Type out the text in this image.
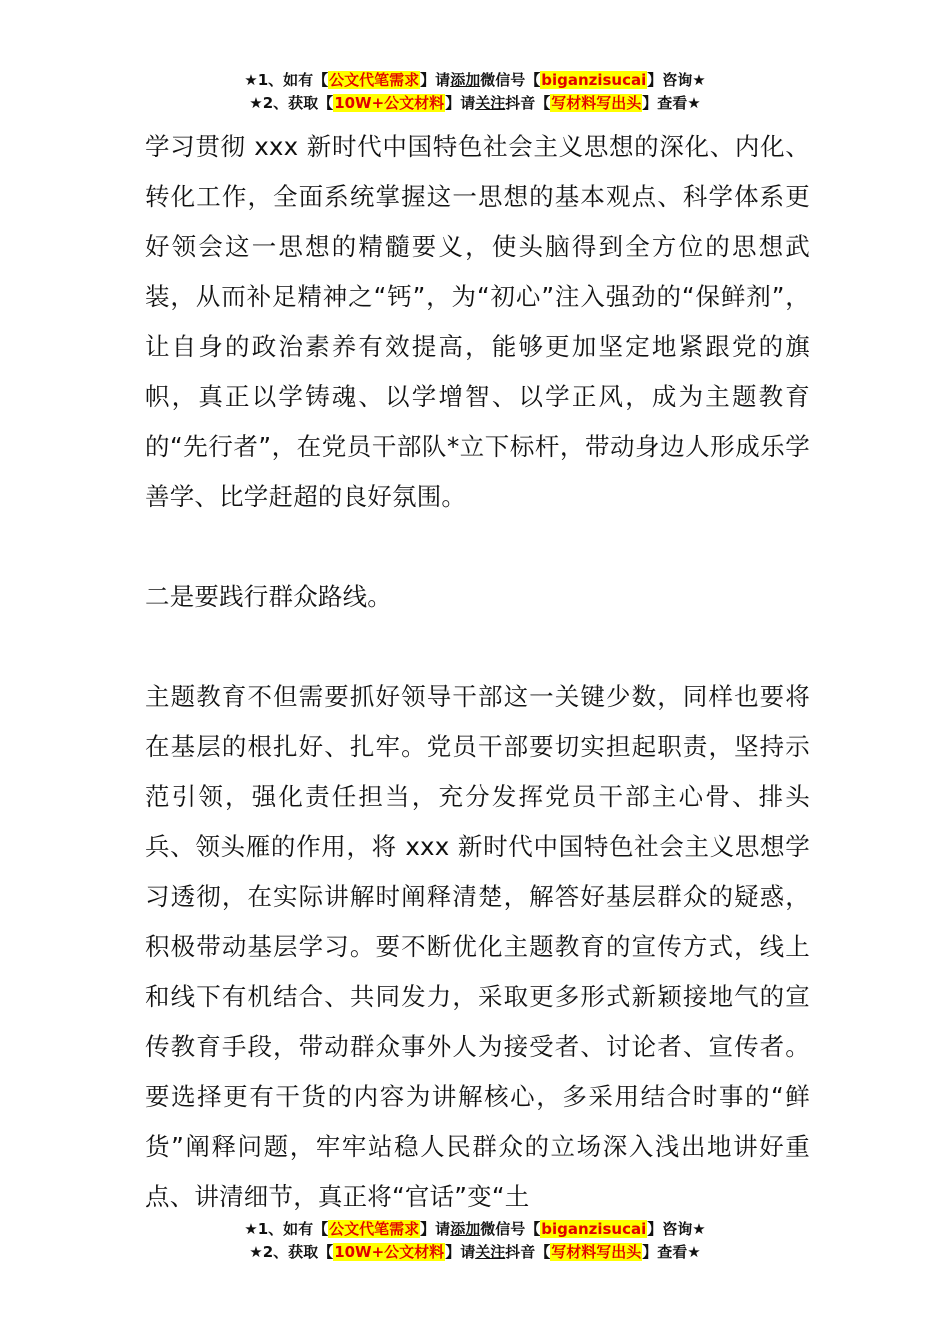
★1、如有【公文代笔需求】请添加微信号【biganzisucai】咨询★
★2、获取【10W+公文材料】请关注抖音【写材料写出头】查看★

学习贯彻 xxx 新时代中国特色社会主义思想的深化、内化、转化工作，全面系统掌握这一思想的基本观点、科学体系更好领会这一思想的精髓要义，使头脑得到全方位的思想武装，从而补足精神之“钙”，为“初心”注入强劲的“保鲜剂”，让自身的政治素养有效提高，能够更加坚定地紧跟党的旗帜，真正以学铸魂、以学增智、以学正风，成为主题教育的“先行者”，在党员干部队*立下标杆，带动身边人形成乐学善学、比学赶超的良好氛围。

二是要践行群众路线。

主题教育不但需要抓好领导干部这一关键少数，同样也要将在基层的根扎好、扎牢。党员干部要切实担起职责，坚持示范引领，强化责任担当，充分发挥党员干部主心骨、排头兵、领头雁的作用，将 xxx 新时代中国特色社会主义思想学习透彻，在实际讲解时阐释清楚，解答好基层群众的疑惑，积极带动基层学习。要不断优化主题教育的宣传方式，线上和线下有机结合、共同发力，采取更多形式新颖接地气的宣传教育手段，带动群众事外人为接受者、讨论者、宣传者。要选择更有干货的内容为讲解核心，多采用结合时事的“鲜货”阐释问题，牢牢站稳人民群众的立场深入浅出地讲好重点、讲清细节，真正将“官话”变“土

★1、如有【公文代笔需求】请添加微信号【biganzisucai】咨询★
★2、获取【10W+公文材料】请关注抖音【写材料写出头】查看★
